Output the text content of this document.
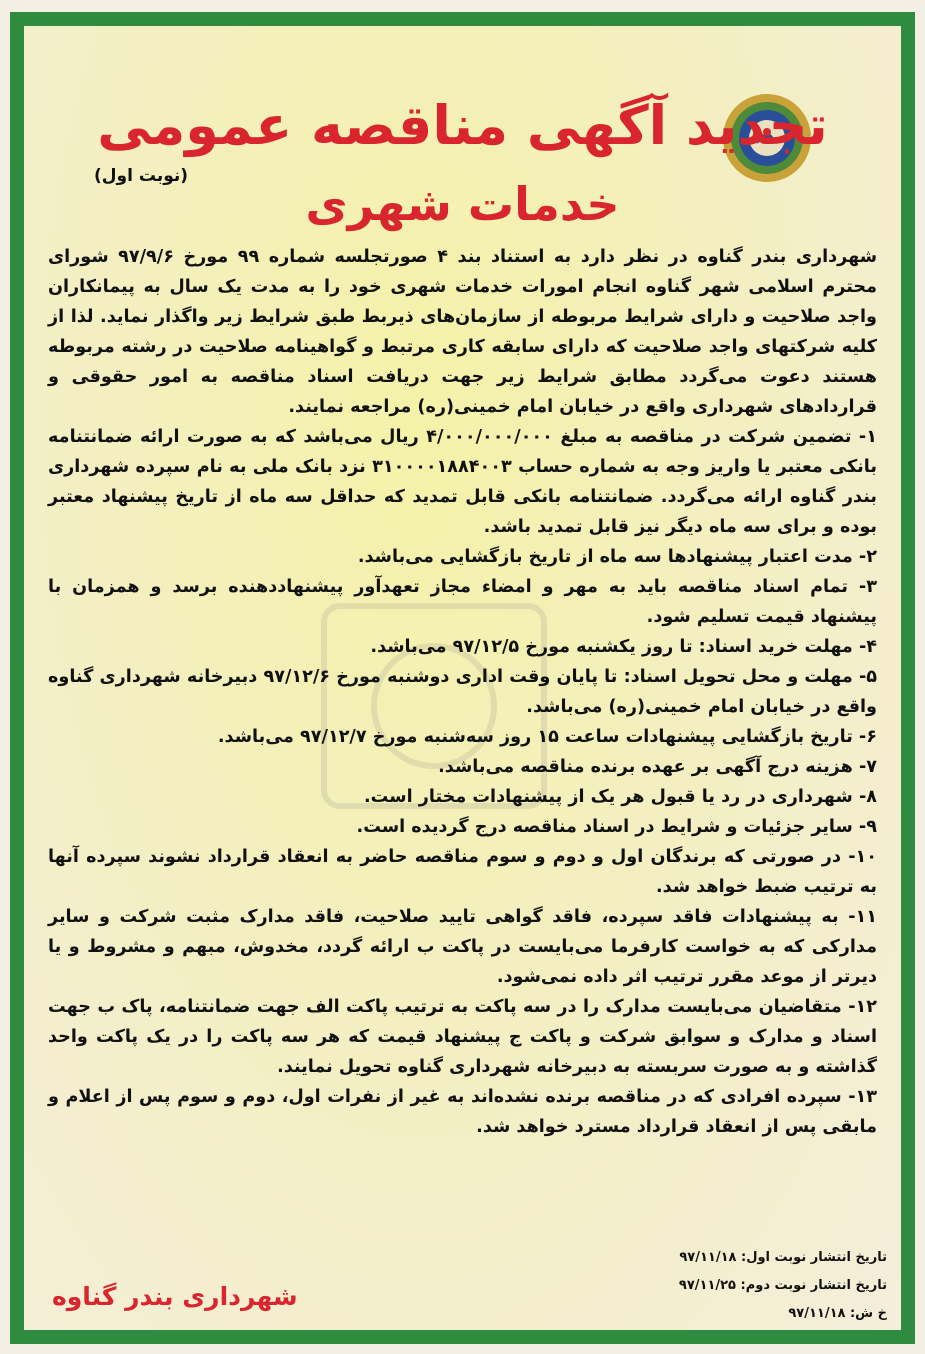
تجدید آگهی مناقصه عمومی
(نوبت اول)
خدمات شهری

شهرداری بندر گناوه در نظر دارد به استناد بند ۴ صورتجلسه شماره ۹۹ مورخ ۹۷/۹/۶ شورای محترم اسلامی شهر گناوه انجام امورات خدمات شهری خود را به مدت یک سال به پیمانکاران واجد صلاحیت و دارای شرایط مربوطه از سازمان‌های ذیربط طبق شرایط زیر واگذار نماید. لذا از کلیه شرکتهای واجد صلاحیت که دارای سابقه کاری مرتبط و گواهینامه صلاحیت در رشته مربوطه هستند دعوت می‌گردد مطابق شرایط زیر جهت دریافت اسناد مناقصه به امور حقوقی و قراردادهای شهرداری واقع در خیابان امام خمینی(ره) مراجعه نمایند.

۱- تضمین شرکت در مناقصه به مبلغ ۴/۰۰۰/۰۰۰/۰۰۰ ریال می‌باشد که به صورت ارائه ضمانتنامه بانکی معتبر یا واریز وجه به شماره حساب ۳۱۰۰۰۰۱۸۸۴۰۰۳ نزد بانک ملی به نام سپرده شهرداری بندر گناوه ارائه می‌گردد. ضمانتنامه بانکی قابل تمدید که حداقل سه ماه از تاریخ پیشنهاد معتبر بوده و برای سه ماه دیگر نیز قابل تمدید باشد.

۲- مدت اعتبار پیشنهادها سه ماه از تاریخ بازگشایی می‌باشد.

۳- تمام اسناد مناقصه باید به مهر و امضاء مجاز تعهدآور پیشنهاددهنده برسد و همزمان با پیشنهاد قیمت تسلیم شود.

۴- مهلت خرید اسناد: تا روز یکشنبه مورخ ۹۷/۱۲/۵ می‌باشد.

۵- مهلت و محل تحویل اسناد: تا پایان وقت اداری دوشنبه مورخ ۹۷/۱۲/۶ دبیرخانه شهرداری گناوه واقع در خیابان امام خمینی(ره) می‌باشد.

۶- تاریخ بازگشایی پیشنهادات ساعت ۱۵ روز سه‌شنبه مورخ ۹۷/۱۲/۷ می‌باشد.

۷- هزینه درج آگهی بر عهده برنده مناقصه می‌باشد.

۸- شهرداری در رد یا قبول هر یک از پیشنهادات مختار است.

۹- سایر جزئیات و شرایط در اسناد مناقصه درج گردیده است.

۱۰- در صورتی که برندگان اول و دوم و سوم مناقصه حاضر به انعقاد قرارداد نشوند سپرده آنها به ترتیب ضبط خواهد شد.

۱۱- به پیشنهادات فاقد سپرده، فاقد گواهی تایید صلاحیت، فاقد مدارک مثبت شرکت و سایر مدارکی که به خواست کارفرما می‌بایست در پاکت ب ارائه گردد، مخدوش، مبهم و مشروط و یا دیرتر از موعد مقرر ترتیب اثر داده نمی‌شود.

۱۲- متقاضیان می‌بایست مدارک را در سه پاکت به ترتیب پاکت الف جهت ضمانتنامه، پاک ب جهت اسناد و مدارک و سوابق شرکت و پاکت ج پیشنهاد قیمت که هر سه پاکت را در یک پاکت واحد گذاشته و به صورت سربسته به دبیرخانه شهرداری گناوه تحویل نمایند.

۱۳- سپرده افرادی که در مناقصه برنده نشده‌اند به غیر از نفرات اول، دوم و سوم پس از اعلام و مابقی پس از انعقاد قرارداد مسترد خواهد شد.

تاریخ انتشار نوبت اول: ۹۷/۱۱/۱۸
تاریخ انتشار نوبت دوم: ۹۷/۱۱/۲۵
خ ش: ۹۷/۱۱/۱۸
شهرداری بندر گناوه
